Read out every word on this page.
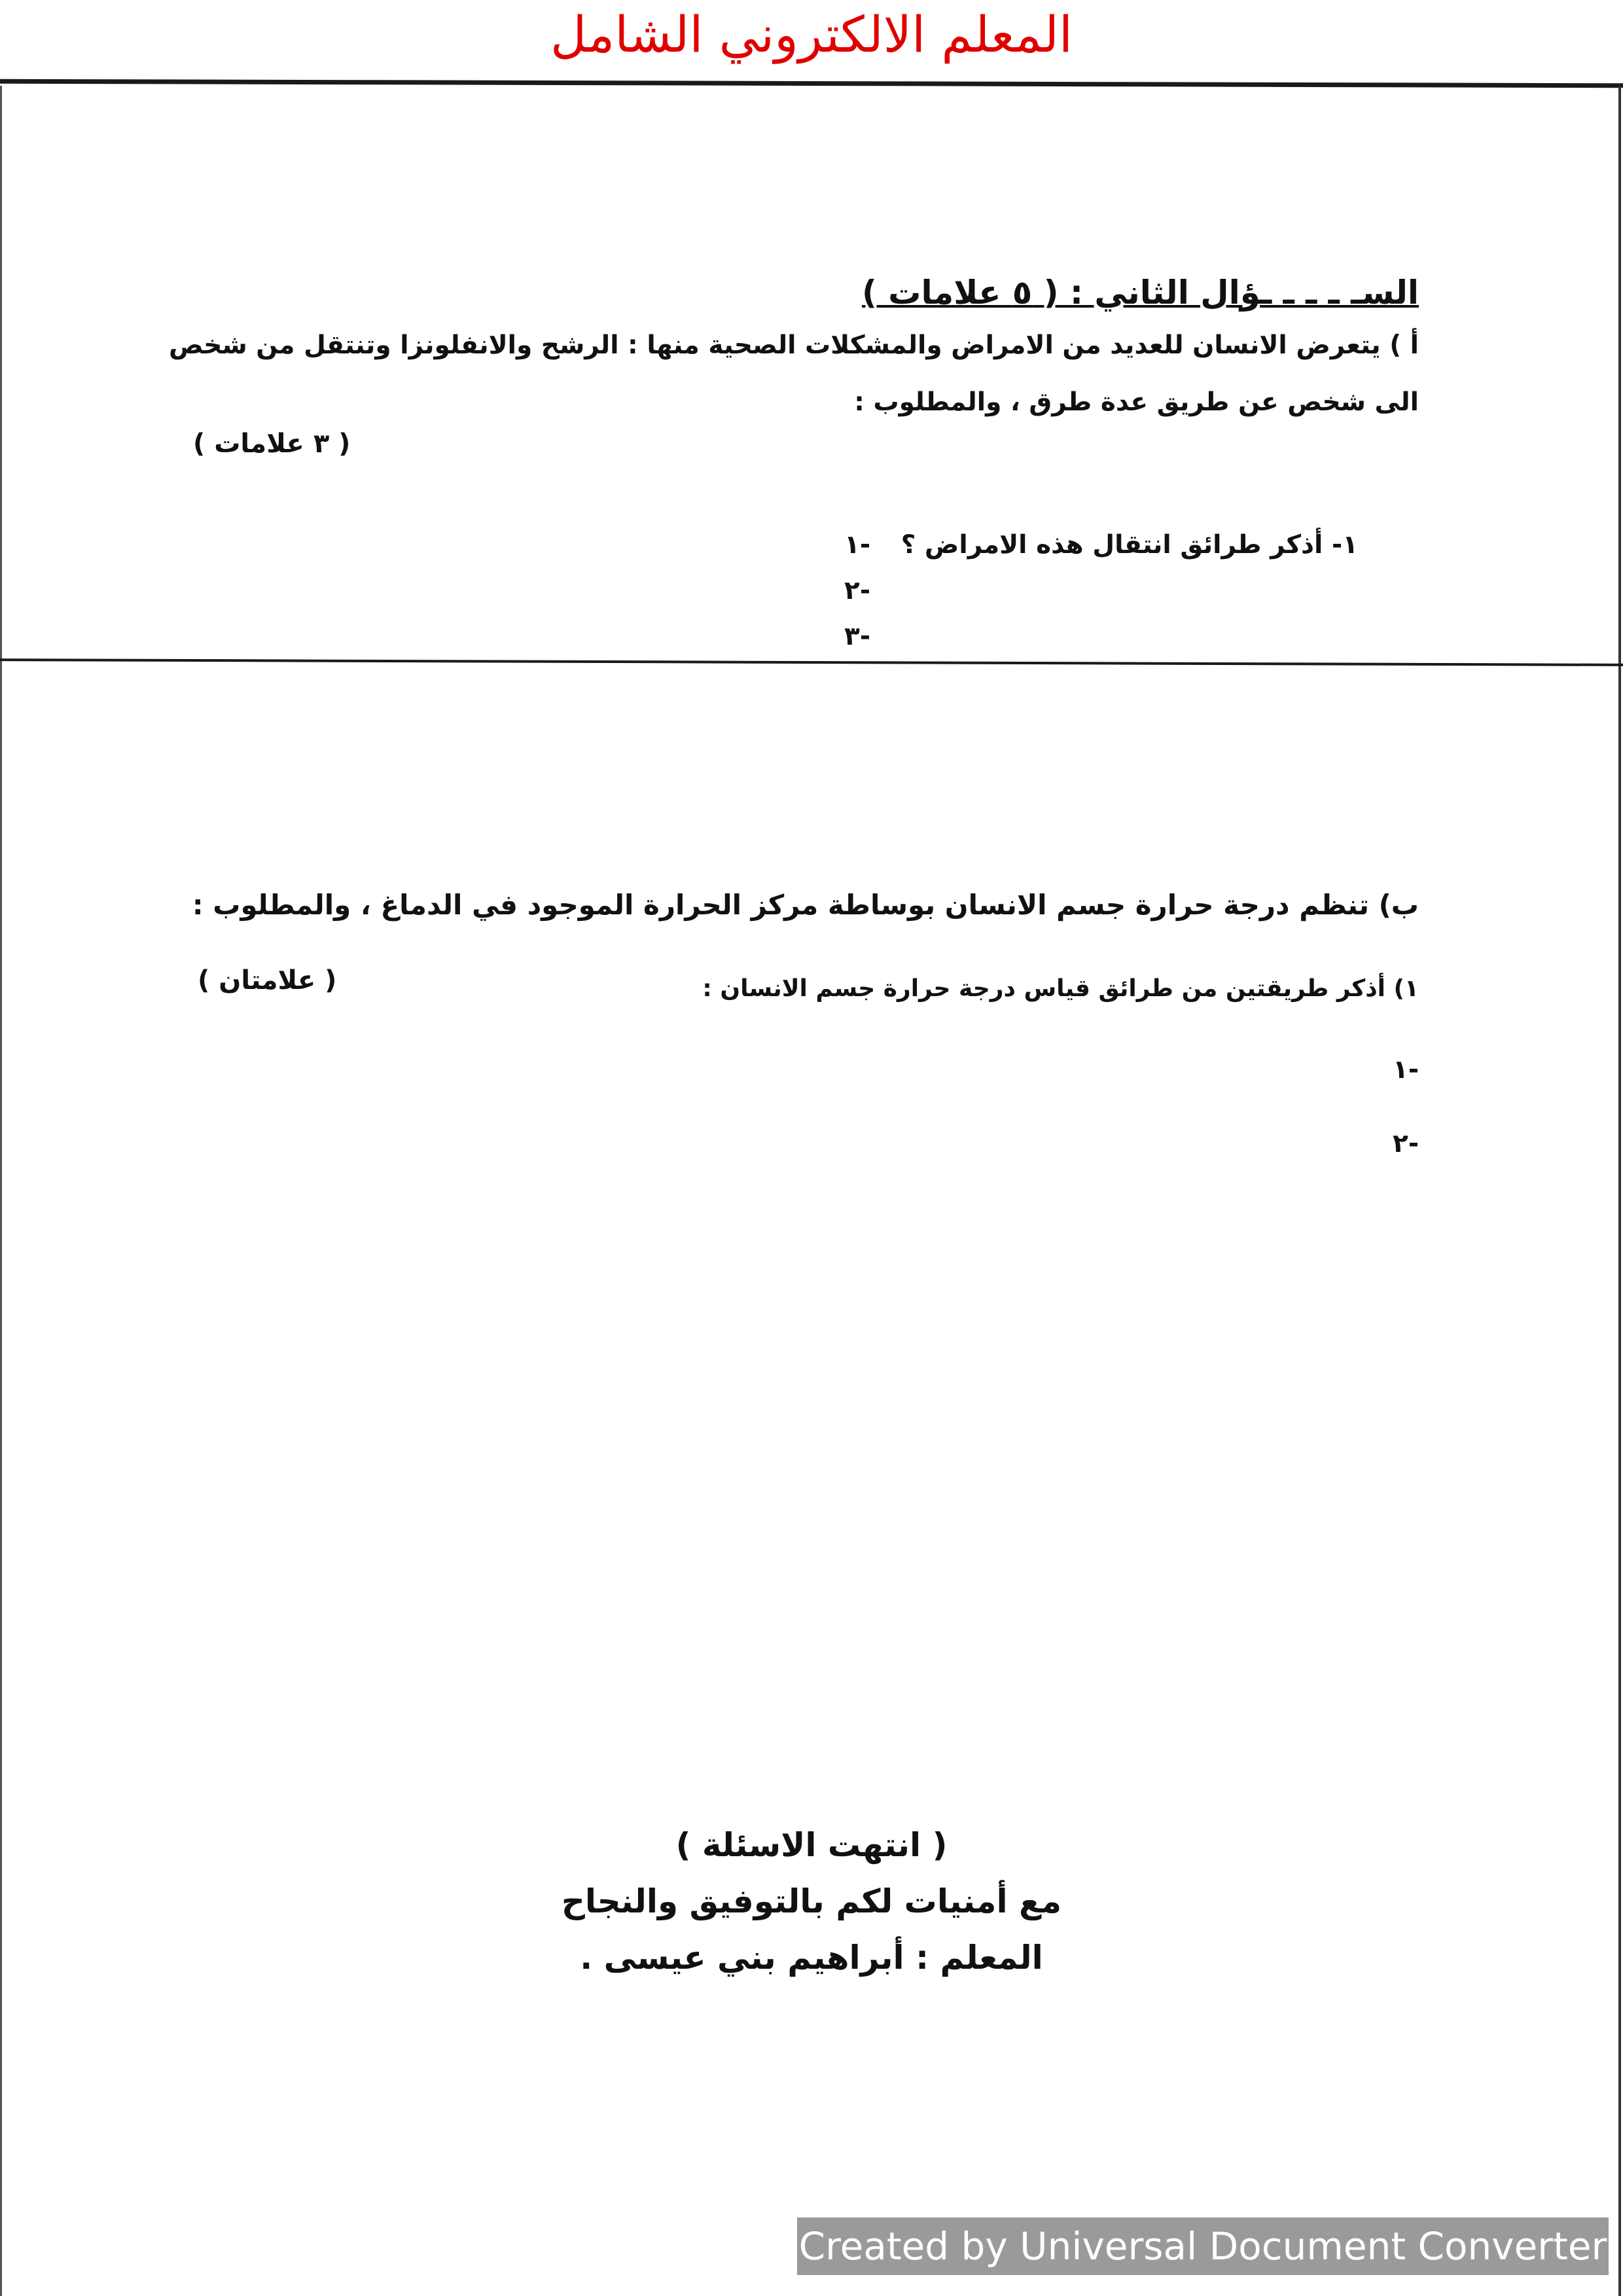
المعلم الالكتروني الشامل
السـ ـ ـ ـ ـؤال الثاني : ( ٥ علامات )
أ ) يتعرض الانسان للعديد من الامراض والمشكلات الصحية منها : الرشح والانفلونزا وتنتقل من شخص
الى شخص عن طريق عدة طرق ، والمطلوب :
( ٣ علامات )
١- أذكر طرائق انتقال هذه الامراض ؟
١-
٢-
٣-
ب) تنظم درجة حرارة جسم الانسان بوساطة مركز الحرارة الموجود في الدماغ ، والمطلوب :
١) أذكر طريقتين من طرائق قياس درجة حرارة جسم الانسان :
( علامتان )
١-
٢-
( انتهت الاسئلة )
مع أمنيات لكم بالتوفيق والنجاح
المعلم : أبراهيم بني عيسى .
Created by Universal Document Converter
